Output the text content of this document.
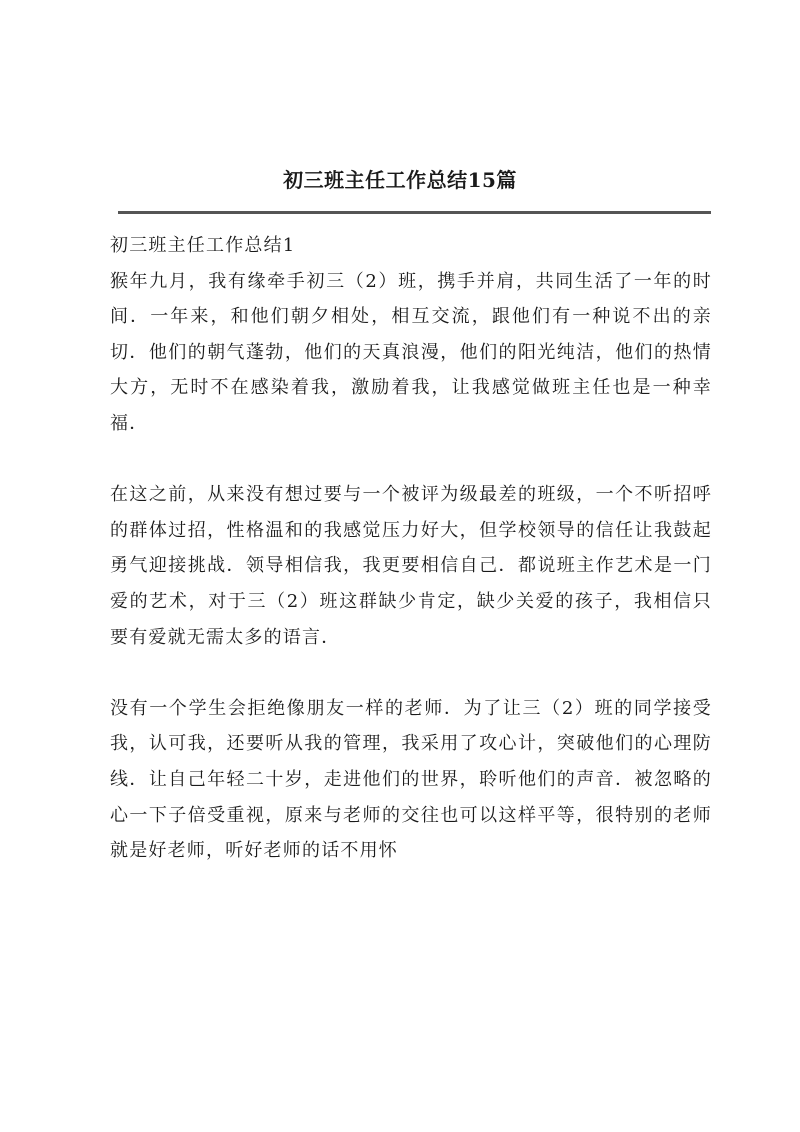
初三班主任工作总结15篇
初三班主任工作总结1

猴年九月，我有缘牵手初三（2）班，携手并肩，共同生活了一年的时间．一年来，和他们朝夕相处，相互交流，跟他们有一种说不出的亲切．他们的朝气蓬勃，他们的天真浪漫，他们的阳光纯洁，他们的热情大方，无时不在感染着我，激励着我，让我感觉做班主任也是一种幸福．

在这之前，从来没有想过要与一个被评为级最差的班级，一个不听招呼的群体过招，性格温和的我感觉压力好大，但学校领导的信任让我鼓起勇气迎接挑战．领导相信我，我更要相信自己．都说班主作艺术是一门爱的艺术，对于三（2）班这群缺少肯定，缺少关爱的孩子，我相信只要有爱就无需太多的语言．

没有一个学生会拒绝像朋友一样的老师．为了让三（2）班的同学接受我，认可我，还要听从我的管理，我采用了攻心计，突破他们的心理防线．让自己年轻二十岁，走进他们的世界，聆听他们的声音．被忽略的心一下子倍受重视，原来与老师的交往也可以这样平等，很特别的老师就是好老师，听好老师的话不用怀
